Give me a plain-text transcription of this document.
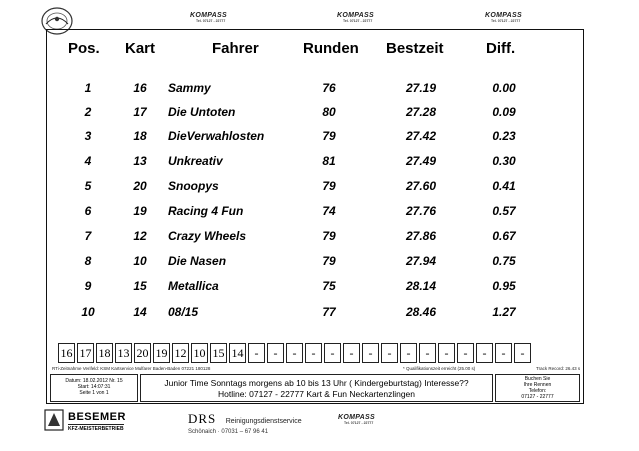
KOMPASS
Tel. 07127 - 22777
KOMPASS
Tel. 07127 - 22777
KOMPASS
Tel. 07127 - 22777
Pos. Kart	Fahrer	Runden Bestzeit	Diff.
1	16	Sammy	76	27.19	0.00
2	17	Die Untoten	80	27.28	0.09
3	18	DieVerwahlosten	79	27.42	0.23
4	13	Unkreativ	81	27.49	0.30
5	20	Snoopys	79	27.60	0.41
6	19	Racing 4 Fun	74	27.76	0.57
7	12	Crazy Wheels	79	27.86	0.67
8	10	Die Nasen	79	27.94	0.75
9	15	Metallica	75	28.14	0.95
10	14	08/15	77	28.46	1.27
16 17 18 13 20 19 12 10 15 14 -	-	-	-	-	-	-	-	-	-	-	-	-	-	-
RTi-Zeitnahme Verifeld: KSM Kartservice Mulfarer Baden-Baden 07221 180128	* Qualifikationszeit erreicht (25.00 s)	Track Record: 26.43 s
Datum: 18.02.2012 Nr. 15
Start: 14:07:31
Seite 1 von 1
Junior Time Sonntags morgens ab 10 bis 13 Uhr ( Kindergeburtstag) Interesse??
Hotline: 07127 - 22777 Kart & Fun Neckartenzlingen
Buchen Sie
Ihre Rennen
Telefon:
07127 - 22777
BESEMER
KFZ-MEISTERBETRIEB
DRS Reinigungsdienstservice
Schönaich · 07031 – 67 96 41
KOMPASS
Tel. 07127 - 22777
